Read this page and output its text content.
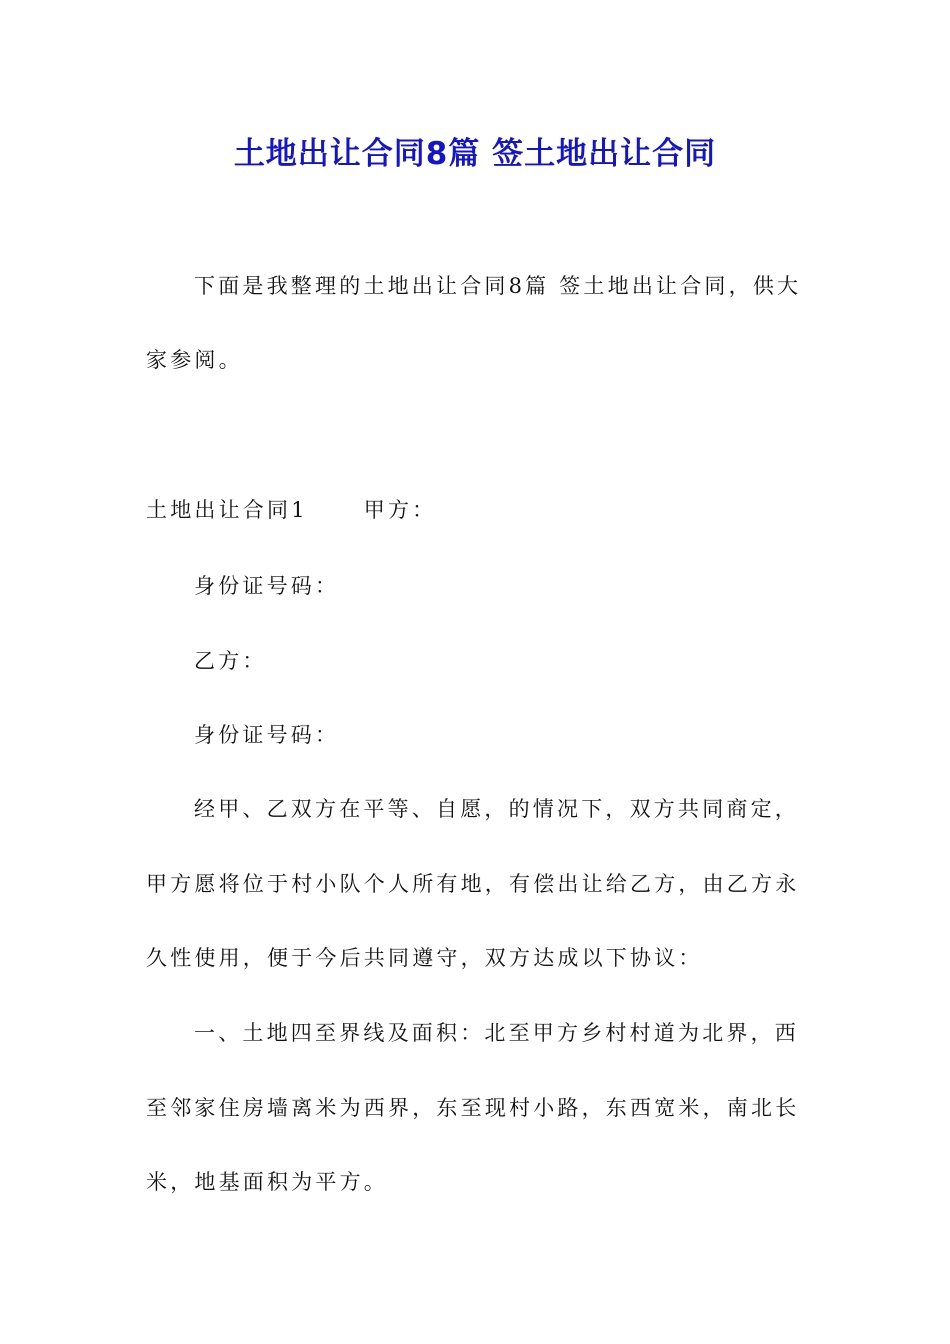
土地出让合同8篇 签土地出让合同
下面是我整理的土地出让合同8篇 签土地出让合同，供大
家参阅。
土地出让合同1	甲方：
身份证号码：
乙方：
身份证号码：
经甲、乙双方在平等、自愿，的情况下，双方共同商定，
甲方愿将位于村小队个人所有地，有偿出让给乙方，由乙方永
久性使用，便于今后共同遵守，双方达成以下协议：
一、土地四至界线及面积：北至甲方乡村村道为北界，西
至邻家住房墙离米为西界，东至现村小路，东西宽米，南北长
米，地基面积为平方。
